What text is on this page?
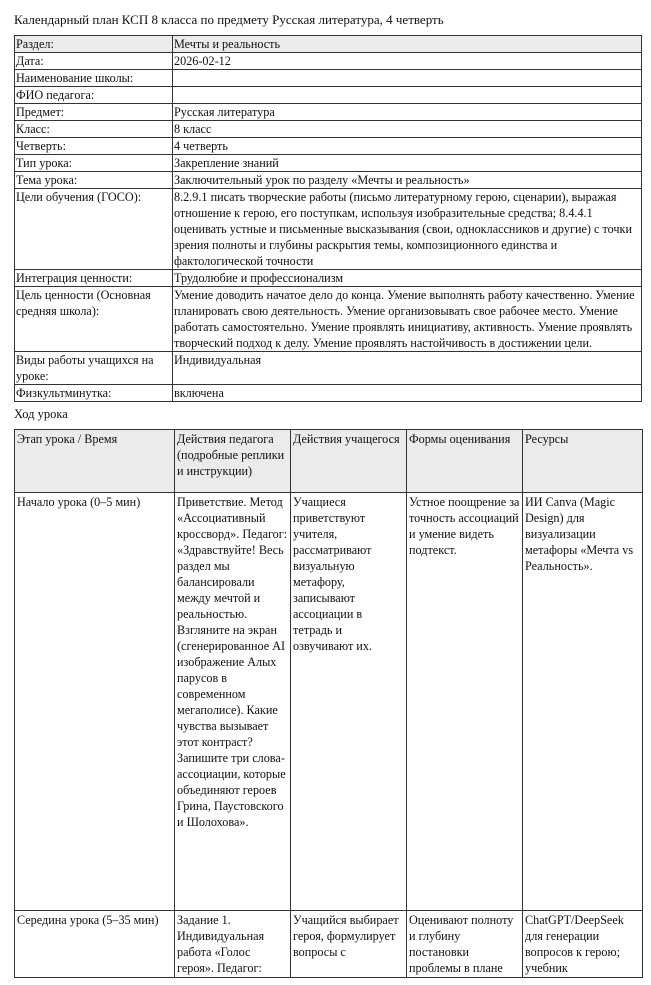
Календарный план КСП 8 класса по предмету Русская литература, 4 четверть
Раздел:	Мечты и реальность
Дата:	2026-02-12
Наименование школы:	
ФИО педагога:	
Предмет:	Русская литература
Класс:	8 класс
Четверть:	4 четверть
Тип урока:	Закрепление знаний
Тема урока:	Заключительный урок по разделу «Мечты и реальность»
Цели обучения (ГОСО):	8.2.9.1 писать творческие работы (письмо литературному герою, сценарии), выражая отношение к герою, его поступкам, используя изобразительные средства; 8.4.4.1 оценивать устные и письменные высказывания (свои, одноклассников и другие) с точки зрения полноты и глубины раскрытия темы, композиционного единства и фактологической точности
Интеграция ценности:	Трудолюбие и профессионализм
Цель ценности (Основная средняя школа):	Умение доводить начатое дело до конца. Умение выполнять работу качественно. Умение планировать свою деятельность. Умение организовывать свое рабочее место. Умение работать самостоятельно. Умение проявлять инициативу, активность. Умение проявлять творческий подход к делу. Умение проявлять настойчивость в достижении цели.
Виды работы учащихся на уроке:	Индивидуальная
Физкультминутка:	включена
Ход урока
Этап урока / Время	Действия педагога (подробные реплики и инструкции)	Действия учащегося	Формы оценивания	Ресурсы
Начало урока (0–5 мин)	Приветствие. Метод «Ассоциативный кроссворд». Педагог: «Здравствуйте! Весь раздел мы балансировали между мечтой и реальностью. Взгляните на экран (сгенерированное AI изображение Алых парусов в современном мегаполисе). Какие чувства вызывает этот контраст? Запишите три слова-ассоциации, которые объединяют героев Грина, Паустовского и Шолохова».	Учащиеся приветствуют учителя, рассматривают визуальную метафору, записывают ассоциации в тетрадь и озвучивают их.	Устное поощрение за точность ассоциаций и умение видеть подтекст.	ИИ Canva (Magic Design) для визуализации метафоры «Мечта vs Реальность».
Середина урока (5–35 мин)	Задание 1. Индивидуальная работа «Голос героя». Педагог:	Учащийся выбирает героя, формулирует вопросы с	Оценивают полноту и глубину постановки проблемы в плане	ChatGPT/DeepSeek для генерации вопросов к герою; учебник
